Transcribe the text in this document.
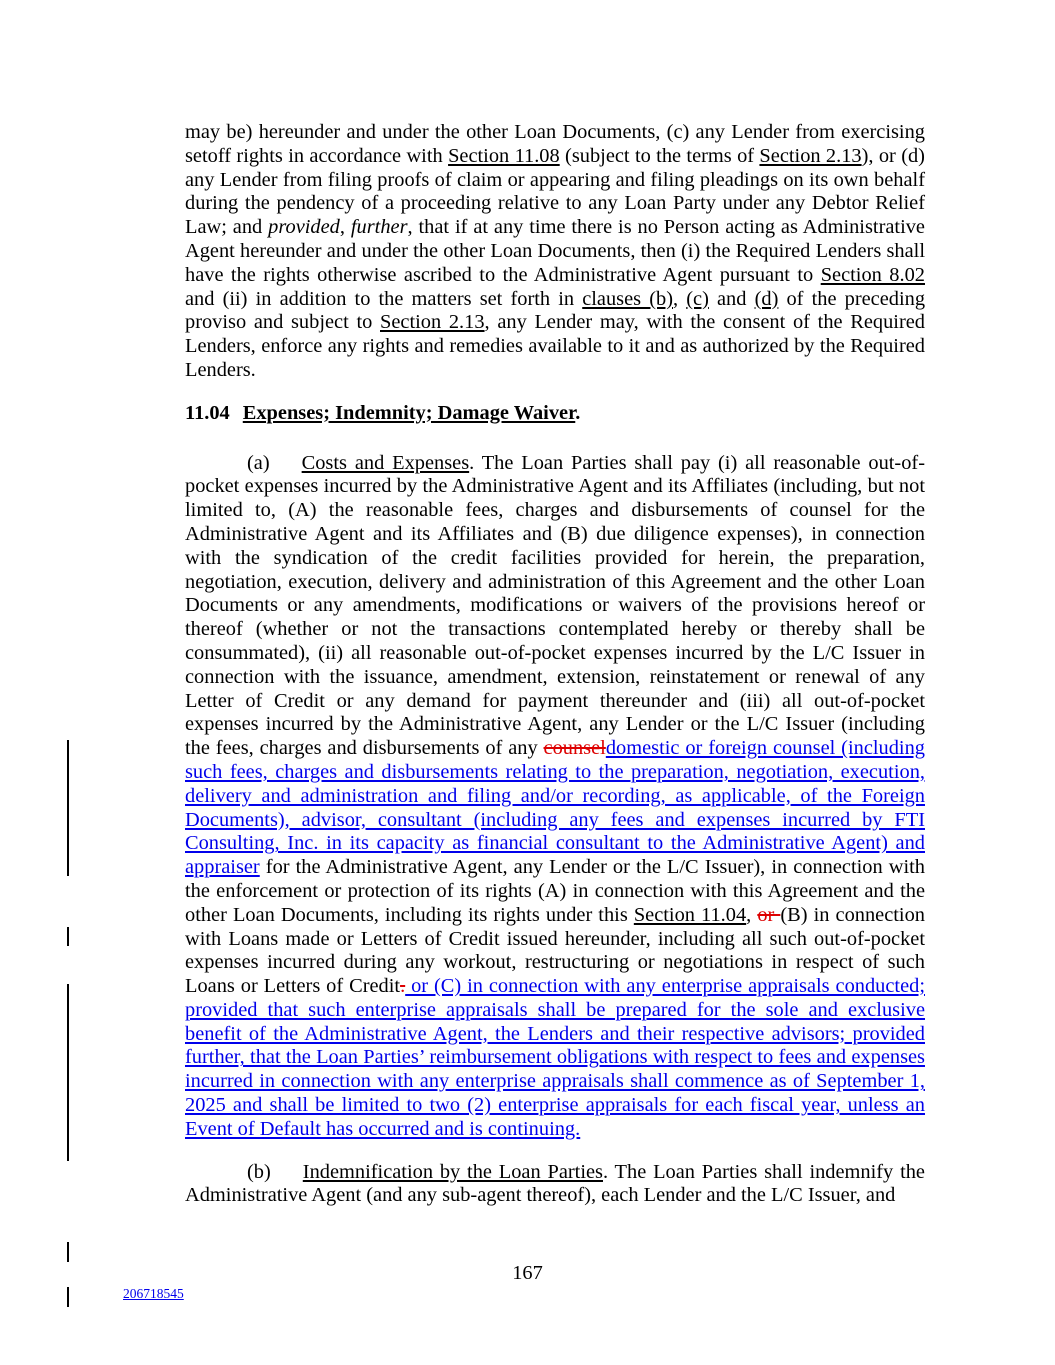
may be) hereunder and under the other Loan Documents, (c) any Lender from exercising setoff rights in accordance with Section 11.08 (subject to the terms of Section 2.13), or (d) any Lender from filing proofs of claim or appearing and filing pleadings on its own behalf during the pendency of a proceeding relative to any Loan Party under any Debtor Relief Law; and provided, further, that if at any time there is no Person acting as Administrative Agent hereunder and under the other Loan Documents, then (i) the Required Lenders shall have the rights otherwise ascribed to the Administrative Agent pursuant to Section 8.02 and (ii) in addition to the matters set forth in clauses (b), (c) and (d) of the preceding proviso and subject to Section 2.13, any Lender may, with the consent of the Required Lenders, enforce any rights and remedies available to it and as authorized by the Required Lenders.

11.04 Expenses; Indemnity; Damage Waiver.

(a) Costs and Expenses. The Loan Parties shall pay (i) all reasonable out-of-pocket expenses incurred by the Administrative Agent and its Affiliates (including, but not limited to, (A) the reasonable fees, charges and disbursements of counsel for the Administrative Agent and its Affiliates and (B) due diligence expenses), in connection with the syndication of the credit facilities provided for herein, the preparation, negotiation, execution, delivery and administration of this Agreement and the other Loan Documents or any amendments, modifications or waivers of the provisions hereof or thereof (whether or not the transactions contemplated hereby or thereby shall be consummated), (ii) all reasonable out-of-pocket expenses incurred by the L/C Issuer in connection with the issuance, amendment, extension, reinstatement or renewal of any Letter of Credit or any demand for payment thereunder and (iii) all out-of-pocket expenses incurred by the Administrative Agent, any Lender or the L/C Issuer (including the fees, charges and disbursements of any counseldomestic or foreign counsel (including such fees, charges and disbursements relating to the preparation, negotiation, execution, delivery and administration and filing and/or recording, as applicable, of the Foreign Documents), advisor, consultant (including any fees and expenses incurred by FTI Consulting, Inc. in its capacity as financial consultant to the Administrative Agent) and appraiser for the Administrative Agent, any Lender or the L/C Issuer), in connection with the enforcement or protection of its rights (A) in connection with this Agreement and the other Loan Documents, including its rights under this Section 11.04, or (B) in connection with Loans made or Letters of Credit issued hereunder, including all such out-of-pocket expenses incurred during any workout, restructuring or negotiations in respect of such Loans or Letters of Credit. or (C) in connection with any enterprise appraisals conducted; provided that such enterprise appraisals shall be prepared for the sole and exclusive benefit of the Administrative Agent, the Lenders and their respective advisors; provided further, that the Loan Parties’ reimbursement obligations with respect to fees and expenses incurred in connection with any enterprise appraisals shall commence as of September 1, 2025 and shall be limited to two (2) enterprise appraisals for each fiscal year, unless an Event of Default has occurred and is continuing.

(b) Indemnification by the Loan Parties. The Loan Parties shall indemnify the Administrative Agent (and any sub-agent thereof), each Lender and the L/C Issuer, and

167
206718545
